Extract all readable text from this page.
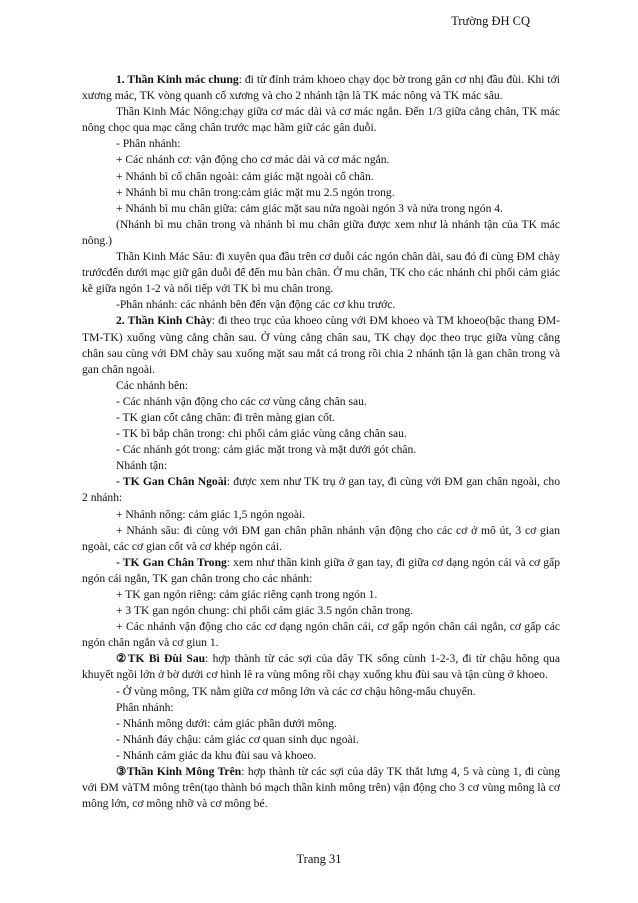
Trường ĐH CQ

1. Thần Kinh mác chung: đi từ đỉnh trám khoeo chạy dọc bờ trong gân cơ nhị đầu đùi. Khi tới xương mác, TK vòng quanh cổ xương và cho 2 nhánh tận là TK mác nông và TK mác sâu.

Thần Kinh Mác Nông:chạy giữa cơ mác dài và cơ mác ngắn. Đến 1/3 giữa cẳng chân, TK mác nông chọc qua mạc căng chân trước mạc hãm giữ các gân duỗi.

- Phân nhánh:

+ Các nhánh cơ: vận động cho cơ mác dài và cơ mác ngắn.

+ Nhánh bì cổ chân ngoài: cảm giác mặt ngoài cổ chân.

+ Nhánh bì mu chân trong:cảm giác mặt mu 2.5 ngón trong.

+ Nhánh bì mu chân giữa: cảm giác mặt sau nửa ngoài ngón 3 và nửa trong ngón 4.

(Nhánh bì mu chân trong và nhánh bì mu chân giữa được xem như là nhánh tận của TK mác nông.)

Thần Kinh Mác Sâu: đi xuyên qua đầu trên cơ duỗi các ngón chân dài, sau đó đi cùng ĐM chày trướcđến dưới mạc giữ gân duỗi để đến mu bàn chân. Ở mu chân, TK cho các nhánh chỉ phối cảm giác kẽ giữa ngón 1-2 và nối tiếp với TK bì mu chân trong.

-Phân nhánh: các nhánh bên đến vận động các cơ khu trước.

2. Thần Kinh Chày: đi theo trục của khoeo cùng với ĐM khoeo và TM khoeo(bậc thang ĐM-TM-TK) xuống vùng cẳng chân sau. Ở vùng cẳng chân sau, TK chạy dọc theo trục giữa vùng cẳng chân sau cùng với ĐM chày sau xuống mặt sau mắt cá trong rồi chia 2 nhánh tận là gan chân trong và gan chân ngoài.

Các nhánh bên:

- Các nhánh vận động cho các cơ vùng cẳng chân sau.

- TK gian cốt cẳng chân: đi trên màng gian cốt.

- TK bì bắp chân trong: chi phối cảm giác vùng cẳng chân sau.

- Các nhánh gót trong: cảm giác mặt trong và mặt dưới gót chân.

Nhánh tận:

- TK Gan Chân Ngoài: được xem như TK trụ ở gan tay, đi cùng với ĐM gan chân ngoài, cho 2 nhánh:

+ Nhánh nông: cảm giác 1,5 ngón ngoài.

+ Nhánh sâu: đi cùng với ĐM gan chân phân nhánh vận động cho các cơ ở mô út, 3 cơ gian ngoài, các cơ gian cốt và cơ khép ngón cái.

- TK Gan Chân Trong: xem như thần kinh giữa ở gan tay, đi giữa cơ dạng ngón cái và cơ gấp ngón cái ngắn, TK gan chân trong cho các nhánh:

+ TK gan ngón riêng: cảm giác riêng cạnh trong ngón 1.

+ 3 TK gan ngón chung: chi phối cảm giác 3.5 ngón chân trong.

+ Các nhánh vận động cho các cơ dạng ngón chân cái, cơ gấp ngón chân cái ngắn, cơ gấp các ngón chân ngắn và cơ giun 1.

②TK Bì Đùi Sau: hợp thành từ các sợi của dây TK sống cùnh 1-2-3, đi từ chậu hông qua khuyết ngồi lớn ở bờ dưới cơ hình lê ra vùng mông rồi chạy xuống khu đùi sau và tận cùng ở khoeo.

- Ở vùng mông, TK nằm giữa cơ mông lớn và các cơ chậu hông-mấu chuyển.

Phân nhánh:

- Nhánh mông dưới: cảm giác phần dưới mông.

- Nhánh đáy chậu: cảm giác cơ quan sinh dục ngoài.

- Nhánh cảm giác da khu đùi sau và khoeo.

③Thần Kinh Mông Trên: hợp thành từ các sợi của dây TK thắt lưng 4, 5 và cùng 1, đi cùng với ĐM vàTM mông trên(tạo thành bó mạch thần kinh mông trên) vận động cho 3 cơ vùng mông là cơ mông lớn, cơ mông nhỡ và cơ mông bé.

Trang 31
